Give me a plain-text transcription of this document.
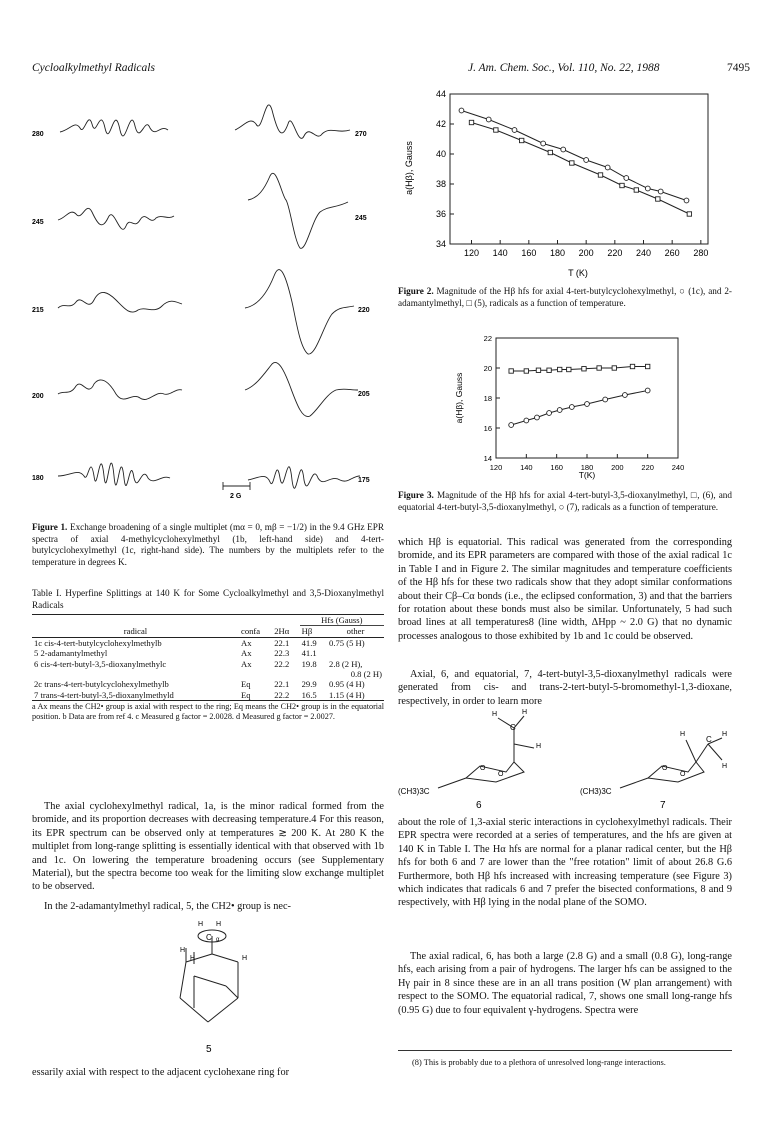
Cycloalkylmethyl Radicals	J. Am. Chem. Soc., Vol. 110, No. 22, 1988	7495
280
245
215
200
180
270
245
220
205
175
2 G
Figure 1. Exchange broadening of a single multiplet (mα = 0, mβ = −1/2) in the 9.4 GHz EPR spectra of axial 4-methylcyclohexylmethyl (1b, left-hand side) and 4-tert-butylcyclohexylmethyl (1c, right-hand side). The numbers by the multiplets refer to the temperature in degrees K.
Table I. Hyperfine Splittings at 140 K for Some Cycloalkylmethyl and 3,5-Dioxanylmethyl Radicals
			Hfs (Gauss)	
radical	confa	2Hα	Hβ	other
1c cis-4-tert-butylcyclohexylmethylb	Ax	22.1	41.9	0.75 (5 H)
5 2-adamantylmethyl	Ax	22.3	41.1	
6 cis-4-tert-butyl-3,5-dioxanylmethylc	Ax	22.2	19.8	2.8 (2 H),
				0.8 (2 H)
2c trans-4-tert-butylcyclohexylmethylb	Eq	22.1	29.9	0.95 (4 H)
7 trans-4-tert-butyl-3,5-dioxanylmethyld	Eq	22.2	16.5	1.15 (4 H)
a Ax means the CH2• group is axial with respect to the ring; Eq means the CH2• group is in the equatorial position. b Data are from ref 4. c Measured g factor = 2.0028. d Measured g factor = 2.0027.
The axial cyclohexylmethyl radical, 1a, is the minor radical formed from the bromide, and its proportion decreases with decreasing temperature.4 For this reason, its EPR spectrum can be observed only at temperatures ≳ 200 K. At 280 K the multiplet from long-range splitting is essentially identical with that observed with 1b and 1c. On lowering the temperature broadening occurs (see Supplementary Material), but the spectra become too weak for the limiting slow exchange multiplet to be observed.
In the 2-adamantylmethyl radical, 5, the CH2• group is nec-
C α
H H
H
H	H
5
essarily axial with respect to the adjacent cyclohexane ring for
120 140 160 180 200 220 240 260 280
34
36
38
40
42
44
a(Hβ), Gauss
T (K)
Figure 2. Magnitude of the Hβ hfs for axial 4-tert-butylcyclohexylmethyl, ○ (1c), and 2-adamantylmethyl, □ (5), radicals as a function of temperature.
120 140 160 180 200 220 240
14
16
18
20
22
a(Hβ), Gauss
T(K)
Figure 3. Magnitude of the Hβ hfs for axial 4-tert-butyl-3,5-dioxanylmethyl, □, (6), and equatorial 4-tert-butyl-3,5-dioxanylmethyl, ○ (7), radicals as a function of temperature.
which Hβ is equatorial. This radical was generated from the corresponding bromide, and its EPR parameters are compared with those of the axial radical 1c in Table I and in Figure 2. The similar magnitudes and temperature coefficients of the Hβ hfs for these two radicals show that they adopt similar conformations about their Cβ–Cα bonds (i.e., the eclipsed conformation, 3) and that the barriers for rotation about these bonds must also be similar. Unfortunately, 5 had such broad lines at all temperatures8 (line width, ΔHpp ~ 2.0 G) that no dynamic processes analogous to those exhibited by 1b and 1c could be observed.
Axial, 6, and equatorial, 7, 4-tert-butyl-3,5-dioxanylmethyl radicals were generated from cis- and trans-2-tert-butyl-5-bromomethyl-1,3-dioxane, respectively, in order to learn more
(CH3)3C	(CH3)3C
O
O
O
O
C
C
H	H
H
H	H
H
6	7
about the role of 1,3-axial steric interactions in cyclohexylmethyl radicals. Their EPR spectra were recorded at a series of temperatures, and the hfs are given at 140 K in Table I. The Hα hfs are normal for a planar radical center, but the Hβ hfs for both 6 and 7 are lower than the "free rotation" limit of about 26.8 G.6 Furthermore, both Hβ hfs increased with increasing temperature (see Figure 3) which indicates that radicals 6 and 7 prefer the bisected conformations, 8 and 9 respectively, with Hβ lying in the nodal plane of the SOMO.
The axial radical, 6, has both a large (2.8 G) and a small (0.8 G), long-range hfs, each arising from a pair of hydrogens. The larger hfs can be assigned to the Hγ pair in 8 since these are in an all trans position (W plan arrangement) with respect to the SOMO. The equatorial radical, 7, shows one small long-range hfs (0.95 G) due to four equivalent γ-hydrogens. Spectra were
(8) This is probably due to a plethora of unresolved long-range interactions.
